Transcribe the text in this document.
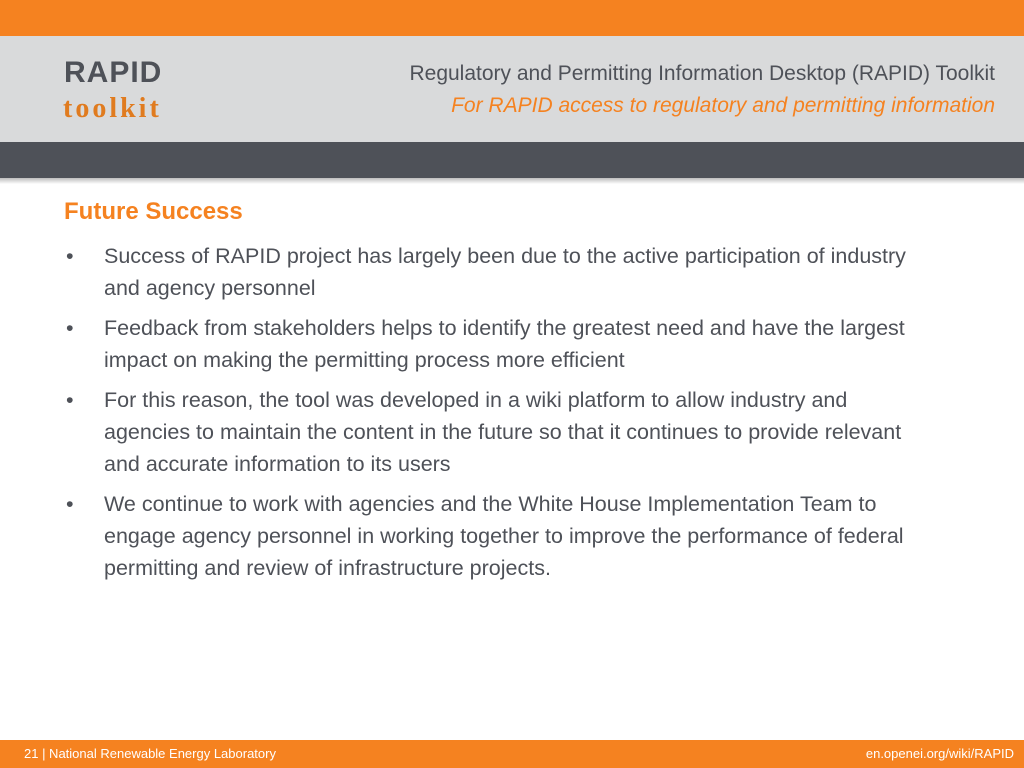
RAPID
toolkit
Regulatory and Permitting Information Desktop (RAPID) Toolkit
For RAPID access to regulatory and permitting information
Future Success
• Success of RAPID project has largely been due to the active participation of industry and agency personnel
• Feedback from stakeholders helps to identify the greatest need and have the largest impact on making the permitting process more efficient
• For this reason, the tool was developed in a wiki platform to allow industry and agencies to maintain the content in the future so that it continues to provide relevant and accurate information to its users
• We continue to work with agencies and the White House Implementation Team to engage agency personnel in working together to improve the performance of federal permitting and review of infrastructure projects.
21 | National Renewable Energy Laboratory	en.openei.org/wiki/RAPID
